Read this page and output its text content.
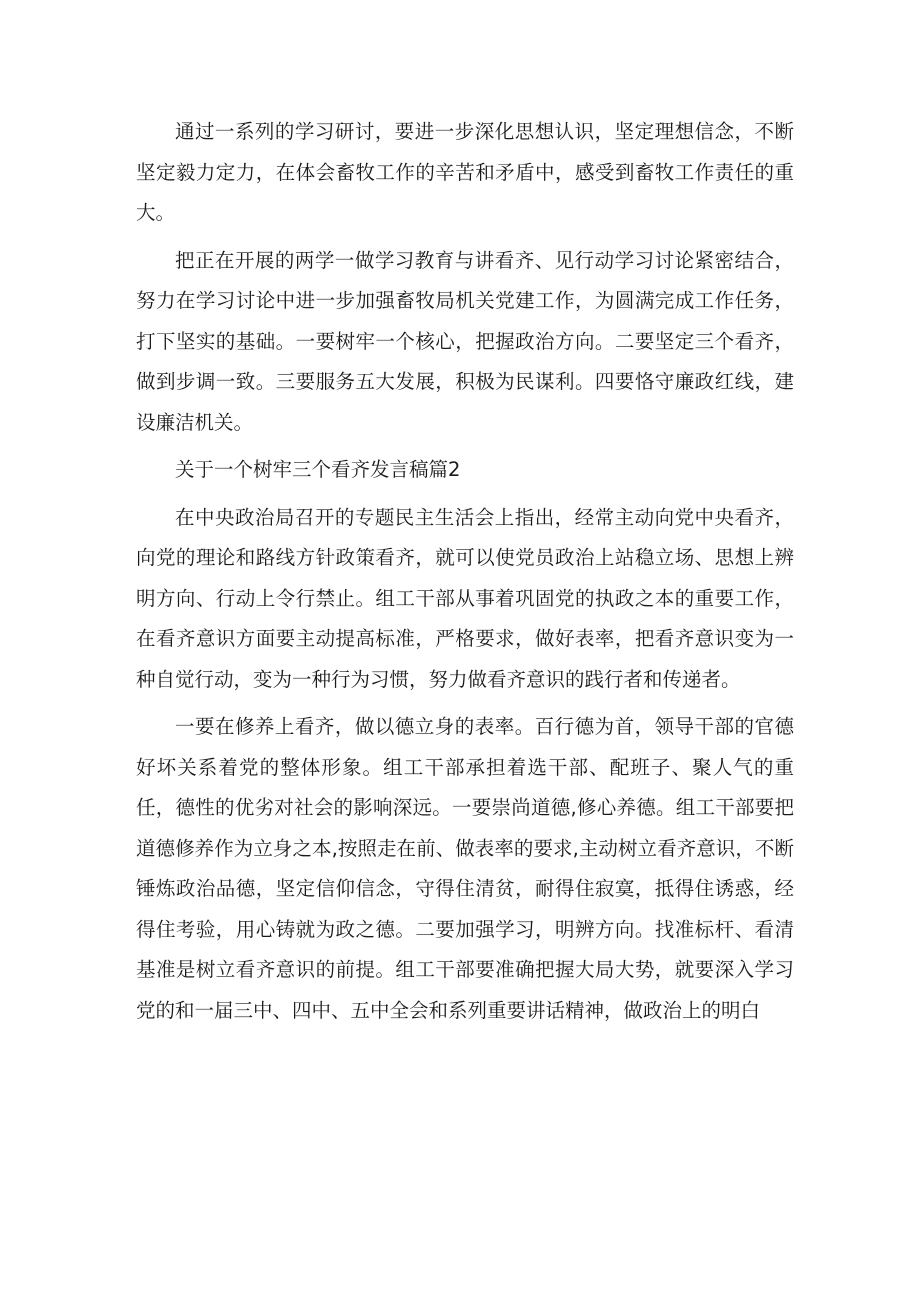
通过一系列的学习研讨，要进一步深化思想认识，坚定理想信念，不断坚定毅力定力，在体会畜牧工作的辛苦和矛盾中，感受到畜牧工作责任的重大。

把正在开展的两学一做学习教育与讲看齐、见行动学习讨论紧密结合，努力在学习讨论中进一步加强畜牧局机关党建工作，为圆满完成工作任务，打下坚实的基础。一要树牢一个核心，把握政治方向。二要坚定三个看齐，做到步调一致。三要服务五大发展，积极为民谋利。四要恪守廉政红线，建设廉洁机关。

关于一个树牢三个看齐发言稿篇2

在中央政治局召开的专题民主生活会上指出，经常主动向党中央看齐，向党的理论和路线方针政策看齐，就可以使党员政治上站稳立场、思想上辨明方向、行动上令行禁止。组工干部从事着巩固党的执政之本的重要工作，在看齐意识方面要主动提高标准，严格要求，做好表率，把看齐意识变为一种自觉行动，变为一种行为习惯，努力做看齐意识的践行者和传递者。

一要在修养上看齐，做以德立身的表率。百行德为首，领导干部的官德好坏关系着党的整体形象。组工干部承担着选干部、配班子、聚人气的重任，德性的优劣对社会的影响深远。一要崇尚道德,修心养德。组工干部要把道德修养作为立身之本,按照走在前、做表率的要求,主动树立看齐意识，不断锤炼政治品德，坚定信仰信念，守得住清贫，耐得住寂寞，抵得住诱惑，经得住考验，用心铸就为政之德。二要加强学习，明辨方向。找准标杆、看清基准是树立看齐意识的前提。组工干部要准确把握大局大势，就要深入学习党的和一届三中、四中、五中全会和系列重要讲话精神，做政治上的明白
